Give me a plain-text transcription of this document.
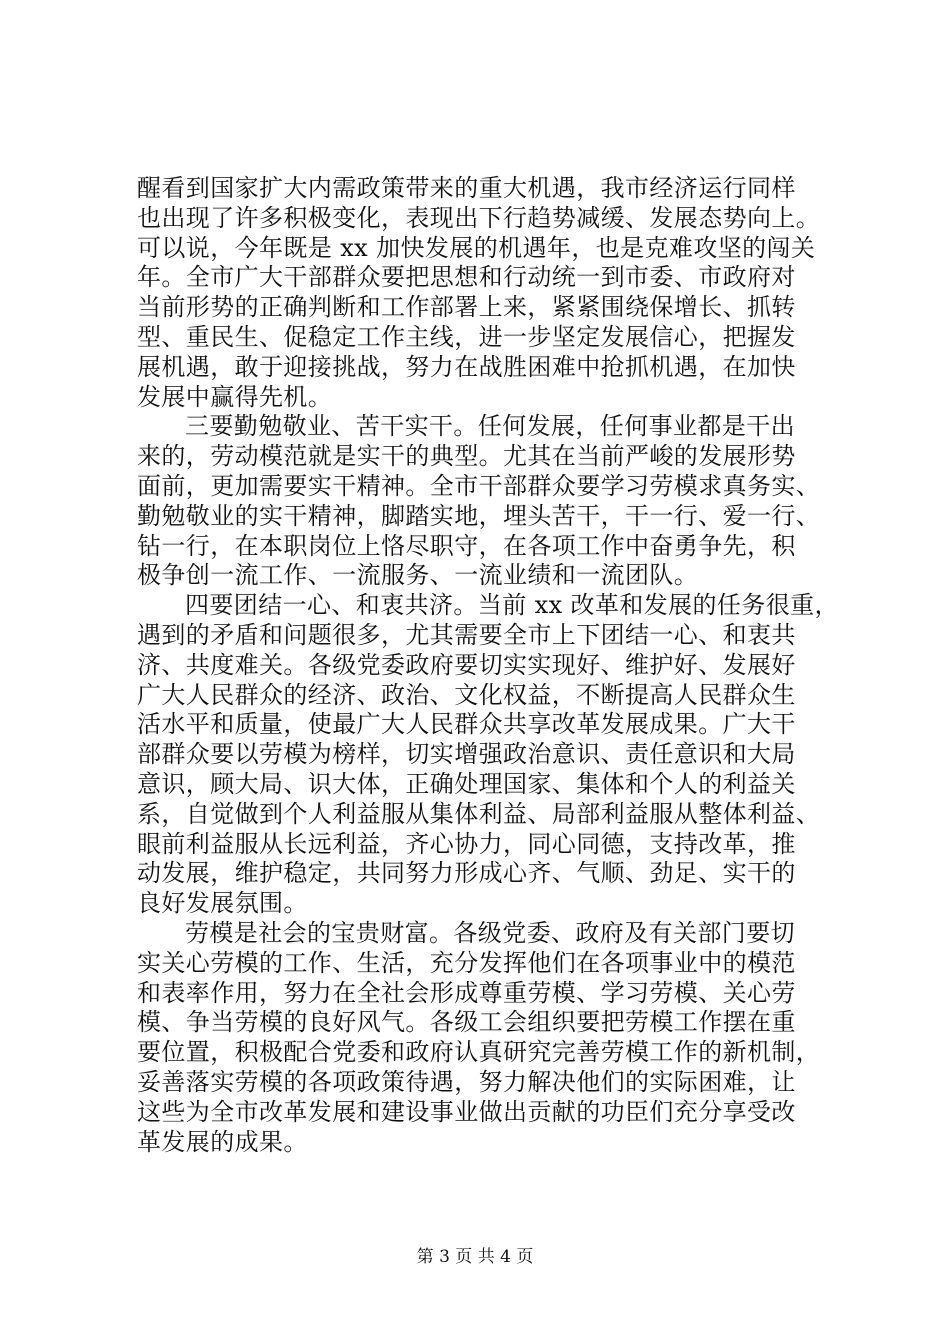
醒看到国家扩大内需政策带来的重大机遇，我市经济运行同样
也出现了许多积极变化，表现出下行趋势减缓、发展态势向上。
可以说，今年既是 xx 加快发展的机遇年，也是克难攻坚的闯关
年。全市广大干部群众要把思想和行动统一到市委、市政府对
当前形势的正确判断和工作部署上来，紧紧围绕保增长、抓转
型、重民生、促稳定工作主线，进一步坚定发展信心，把握发
展机遇，敢于迎接挑战，努力在战胜困难中抢抓机遇，在加快
发展中赢得先机。
三要勤勉敬业、苦干实干。任何发展，任何事业都是干出
来的，劳动模范就是实干的典型。尤其在当前严峻的发展形势
面前，更加需要实干精神。全市干部群众要学习劳模求真务实、
勤勉敬业的实干精神，脚踏实地，埋头苦干，干一行、爱一行、
钻一行，在本职岗位上恪尽职守，在各项工作中奋勇争先，积
极争创一流工作、一流服务、一流业绩和一流团队。
四要团结一心、和衷共济。当前 xx 改革和发展的任务很重，
遇到的矛盾和问题很多，尤其需要全市上下团结一心、和衷共
济、共度难关。各级党委政府要切实实现好、维护好、发展好
广大人民群众的经济、政治、文化权益，不断提高人民群众生
活水平和质量，使最广大人民群众共享改革发展成果。广大干
部群众要以劳模为榜样，切实增强政治意识、责任意识和大局
意识，顾大局、识大体，正确处理国家、集体和个人的利益关
系，自觉做到个人利益服从集体利益、局部利益服从整体利益、
眼前利益服从长远利益，齐心协力，同心同德，支持改革，推
动发展，维护稳定，共同努力形成心齐、气顺、劲足、实干的
良好发展氛围。
劳模是社会的宝贵财富。各级党委、政府及有关部门要切
实关心劳模的工作、生活，充分发挥他们在各项事业中的模范
和表率作用，努力在全社会形成尊重劳模、学习劳模、关心劳
模、争当劳模的良好风气。各级工会组织要把劳模工作摆在重
要位置，积极配合党委和政府认真研究完善劳模工作的新机制，
妥善落实劳模的各项政策待遇，努力解决他们的实际困难，让
这些为全市改革发展和建设事业做出贡献的功臣们充分享受改
革发展的成果。
第 3 页 共 4 页
